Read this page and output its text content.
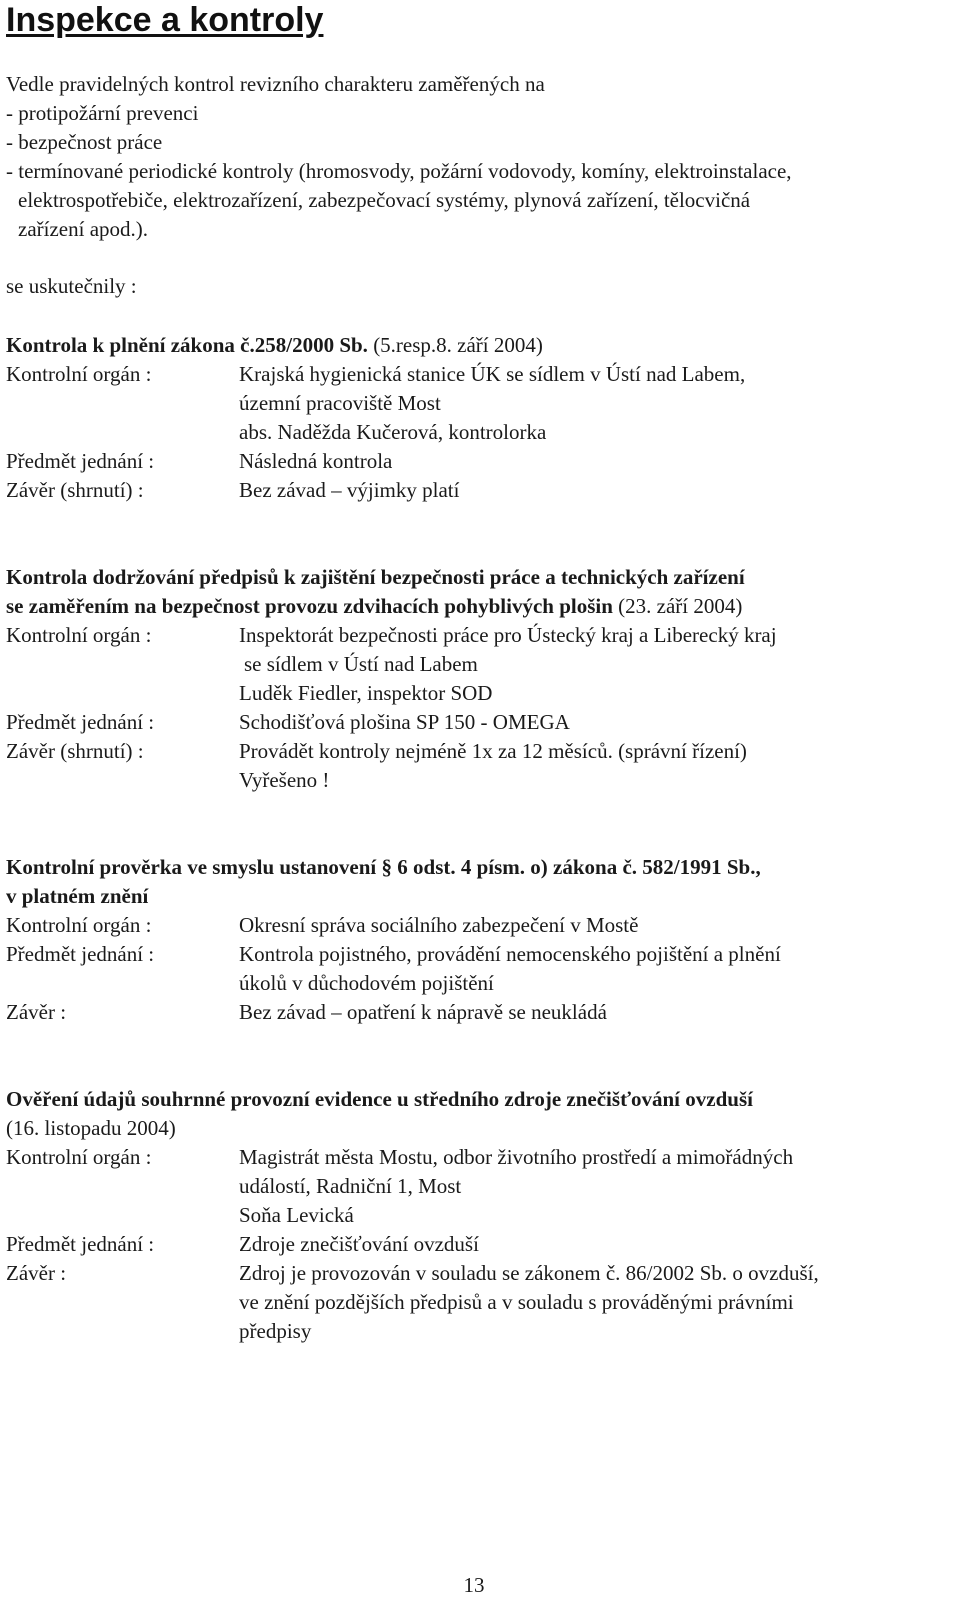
Inspekce a kontroly
Vedle pravidelných kontrol revizního charakteru zaměřených na
- protipožární prevenci
- bezpečnost práce
- termínované periodické kontroly (hromosvody, požární vodovody, komíny, elektroinstalace,
elektrospotřebiče, elektrozařízení, zabezpečovací systémy, plynová zařízení, tělocvičná
zařízení apod.).
se uskutečnily :
Kontrola k plnění zákona č.258/2000 Sb. (5.resp.8. září 2004)
Kontrolní orgán :	Krajská hygienická stanice ÚK se sídlem v Ústí nad Labem,
územní pracoviště Most
abs. Naděžda Kučerová, kontrolorka
Předmět jednání :	Následná kontrola
Závěr (shrnutí) :	Bez závad – výjimky platí
Kontrola dodržování předpisů k zajištění bezpečnosti práce a technických zařízení
se zaměřením na bezpečnost provozu zdvihacích pohyblivých plošin (23. září 2004)
Kontrolní orgán :	Inspektorát bezpečnosti práce pro Ústecký kraj a Liberecký kraj
se sídlem v Ústí nad Labem
Luděk Fiedler, inspektor SOD
Předmět jednání :	Schodišťová plošina SP 150 - OMEGA
Závěr (shrnutí) :	Provádět kontroly nejméně 1x za 12 měsíců. (správní řízení)
Vyřešeno !
Kontrolní prověrka ve smyslu ustanovení § 6 odst. 4 písm. o) zákona č. 582/1991 Sb.,
v platném znění
Kontrolní orgán :	Okresní správa sociálního zabezpečení v Mostě
Předmět jednání :	Kontrola pojistného, provádění nemocenského pojištění a plnění
úkolů v důchodovém pojištění
Závěr :	Bez závad – opatření k nápravě se neukládá
Ověření údajů souhrnné provozní evidence u středního zdroje znečišťování ovzduší
(16. listopadu 2004)
Kontrolní orgán :	Magistrát města Mostu, odbor životního prostředí a mimořádných
událostí, Radniční 1, Most
Soňa Levická
Předmět jednání :	Zdroje znečišťování ovzduší
Závěr :	Zdroj je provozován v souladu se zákonem č. 86/2002 Sb. o ovzduší,
ve znění pozdějších předpisů a v souladu s prováděnými právními
předpisy
13
